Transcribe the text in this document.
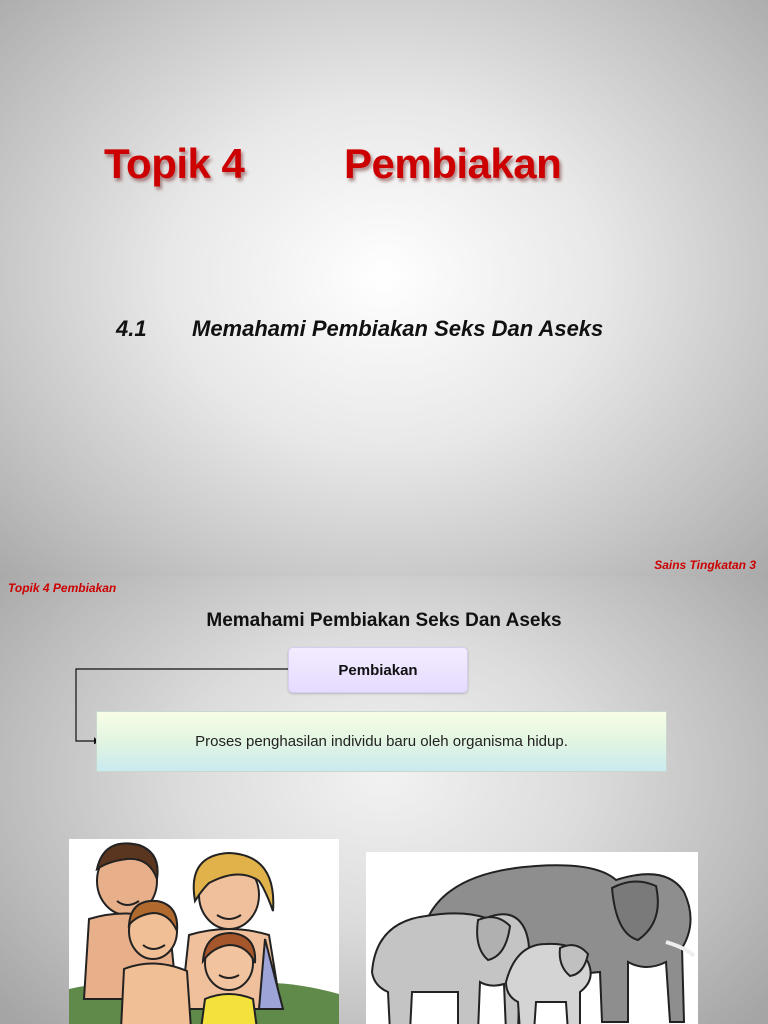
Topik 4 Pembiakan
4.1 Memahami Pembiakan Seks Dan Aseks
Sains Tingkatan 3
Topik 4 Pembiakan
Memahami Pembiakan Seks Dan Aseks
Pembiakan
Proses penghasilan individu baru oleh organisma hidup.
